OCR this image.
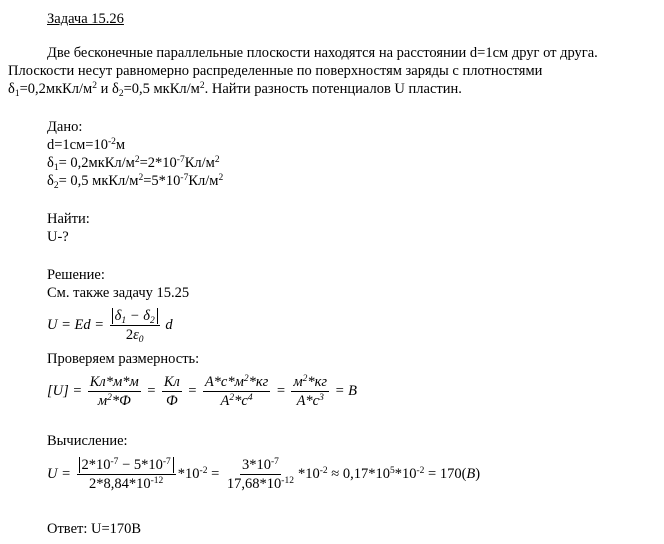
Задача 15.26
Две бесконечные параллельные плоскости находятся на расстоянии d=1см друг от друга.
Плоскости несут равномерно распределенные по поверхностям заряды с плотностями
$\delta_1=0,2мкКл/м^2$ и $\delta_2=0,5$ мкКл/$м^2$. Найти разность потенциалов U пластин.
Дано:
$d=1см=10^{-2}м$
$\delta_1=$ $0,2мкКл/м^2=2*10^{-7}Кл/м^2$
$\delta_2= 0,5$ мкКл/$м^2=5*10^{-7}Кл/м^2$
Найти:
U-?
Решение:
См. также задачу 15.25
$U = Ed = \frac{\delta_1 - \delta_2}{2\varepsilon_0}$ d
Проверяем размерность:
$[U] = \frac{Кл*м*м}{м^2*Ф} = \frac{Кл}{Ф} = \frac{А*с*м^2*кг}{А^2*с^4} = \frac{м^2*кг}{А*с^3} = В$
Вычисление:
$U = \frac{2*10^{-7} - 5*10^{-7}}{2*8,84*10^{-12}} *10^{-2} = \frac{3*10^{-7}}{17,68*10^{-12}} *10^{-2} \approx 0,17*10^5*10^{-2} = 170$( В )
Ответ: U=170В
